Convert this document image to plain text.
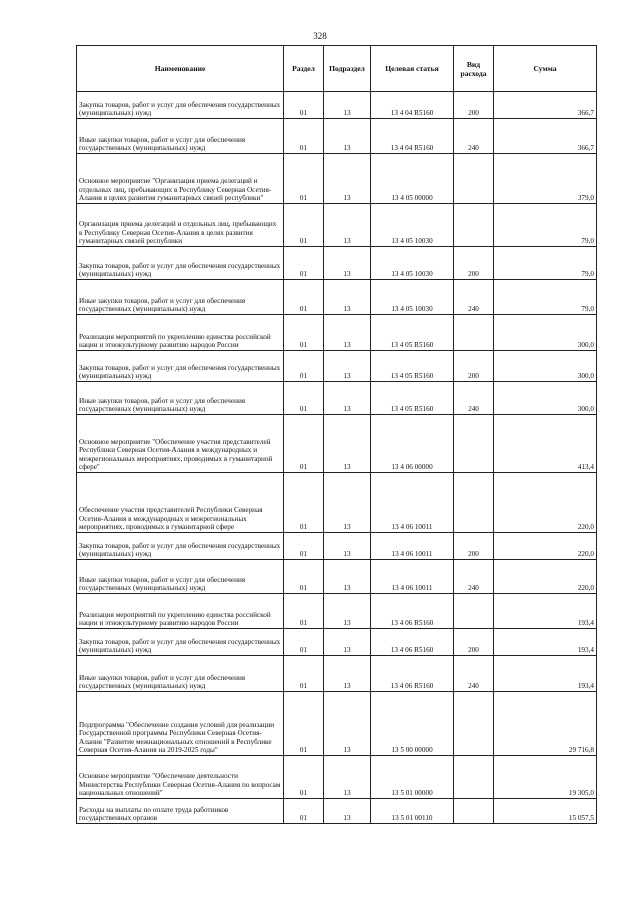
328
Наименование	Раздел	Подраздел	Целевая статья	Вид расхода	Сумма
Закупка товаров, работ и услуг для обеспечения государственных (муниципальных) нужд	01	13	13 4 04 R5160	200	366,7
Иные закупки товаров, работ и услуг для обеспечения государственных (муниципальных) нужд	01	13	13 4 04 R5160	240	366,7
Основное мероприятие "Организация приема делегаций и отдельных лиц, пребывающих в Республику Северная Осетия-Алания в целях развития гуманитарных связей республики"	01	13	13 4 05 00000		379,0
Организация приема делегаций и отдельных лиц, пребывающих в Республику Северная Осетия-Алания в целях развития гуманитарных связей республики	01	13	13 4 05 10030		79,0
Закупка товаров, работ и услуг для обеспечения государственных (муниципальных) нужд	01	13	13 4 05 10030	200	79,0
Иные закупки товаров, работ и услуг для обеспечения государственных (муниципальных) нужд	01	13	13 4 05 10030	240	79,0
Реализация мероприятий по укреплению единства российской нации и этнокультурному развитию народов России	01	13	13 4 05 R5160		300,0
Закупка товаров, работ и услуг для обеспечения государственных (муниципальных) нужд	01	13	13 4 05 R5160	200	300,0
Иные закупки товаров, работ и услуг для обеспечения государственных (муниципальных) нужд	01	13	13 4 05 R5160	240	300,0
Основное мероприятие "Обеспечение участия представителей Республики Северная Осетия-Алания в международных и межрегиональных мероприятиях, проводимых в гуманитарной сфере"	01	13	13 4 06 00000		413,4
Обеспечение участия представителей Республики Северная Осетия-Алания в международных и межрегиональных мероприятиях, проводимых в гуманитарной сфере	01	13	13 4 06 10011		220,0
Закупка товаров, работ и услуг для обеспечения государственных (муниципальных) нужд	01	13	13 4 06 10011	200	220,0
Иные закупки товаров, работ и услуг для обеспечения государственных (муниципальных) нужд	01	13	13 4 06 10011	240	220,0
Реализация мероприятий по укреплению единства российской нации и этнокультурному развитию народов России	01	13	13 4 06 R5160		193,4
Закупка товаров, работ и услуг для обеспечения государственных (муниципальных) нужд	01	13	13 4 06 R5160	200	193,4
Иные закупки товаров, работ и услуг для обеспечения государственных (муниципальных) нужд	01	13	13 4 06 R5160	240	193,4
Подпрограмма "Обеспечение создания условий для реализации Государственной программы Республики Северная Осетия-Алания "Развитие межнациональных отношений в Республике Северная Осетия-Алания на 2019-2025 годы"	01	13	13 5 00 00000		29 716,8
Основное мероприятие "Обеспечение деятельности Министерства Республики Северная Осетия-Алания по вопросам национальных отношений"	01	13	13 5 01 00000		19 305,0
Расходы на выплаты по оплате труда работников государственных органов	01	13	13 5 01 00110		15 057,5
